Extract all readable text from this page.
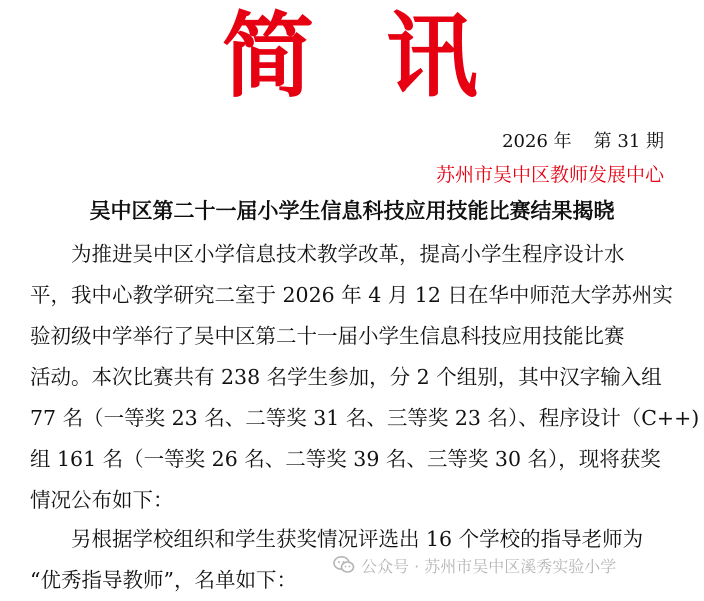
简 讯
2026 年 第 31 期
苏州市吴中区教师发展中心
吴中区第二十一届小学生信息科技应用技能比赛结果揭晓
为推进吴中区小学信息技术教学改革，提高小学生程序设计水
平，我中心教学研究二室于 2026 年 4 月 12 日在华中师范大学苏州实
验初级中学举行了吴中区第二十一届小学生信息科技应用技能比赛
活动。本次比赛共有 238 名学生参加，分 2 个组别，其中汉字输入组
77 名（一等奖 23 名、二等奖 31 名、三等奖 23 名）、程序设计（C++)
组 161 名（一等奖 26 名、二等奖 39 名、三等奖 30 名），现将获奖
情况公布如下：
另根据学校组织和学生获奖情况评选出 16 个学校的指导老师为
“优秀指导教师”，名单如下：
公众号 · 苏州市吴中区溪秀实验小学
